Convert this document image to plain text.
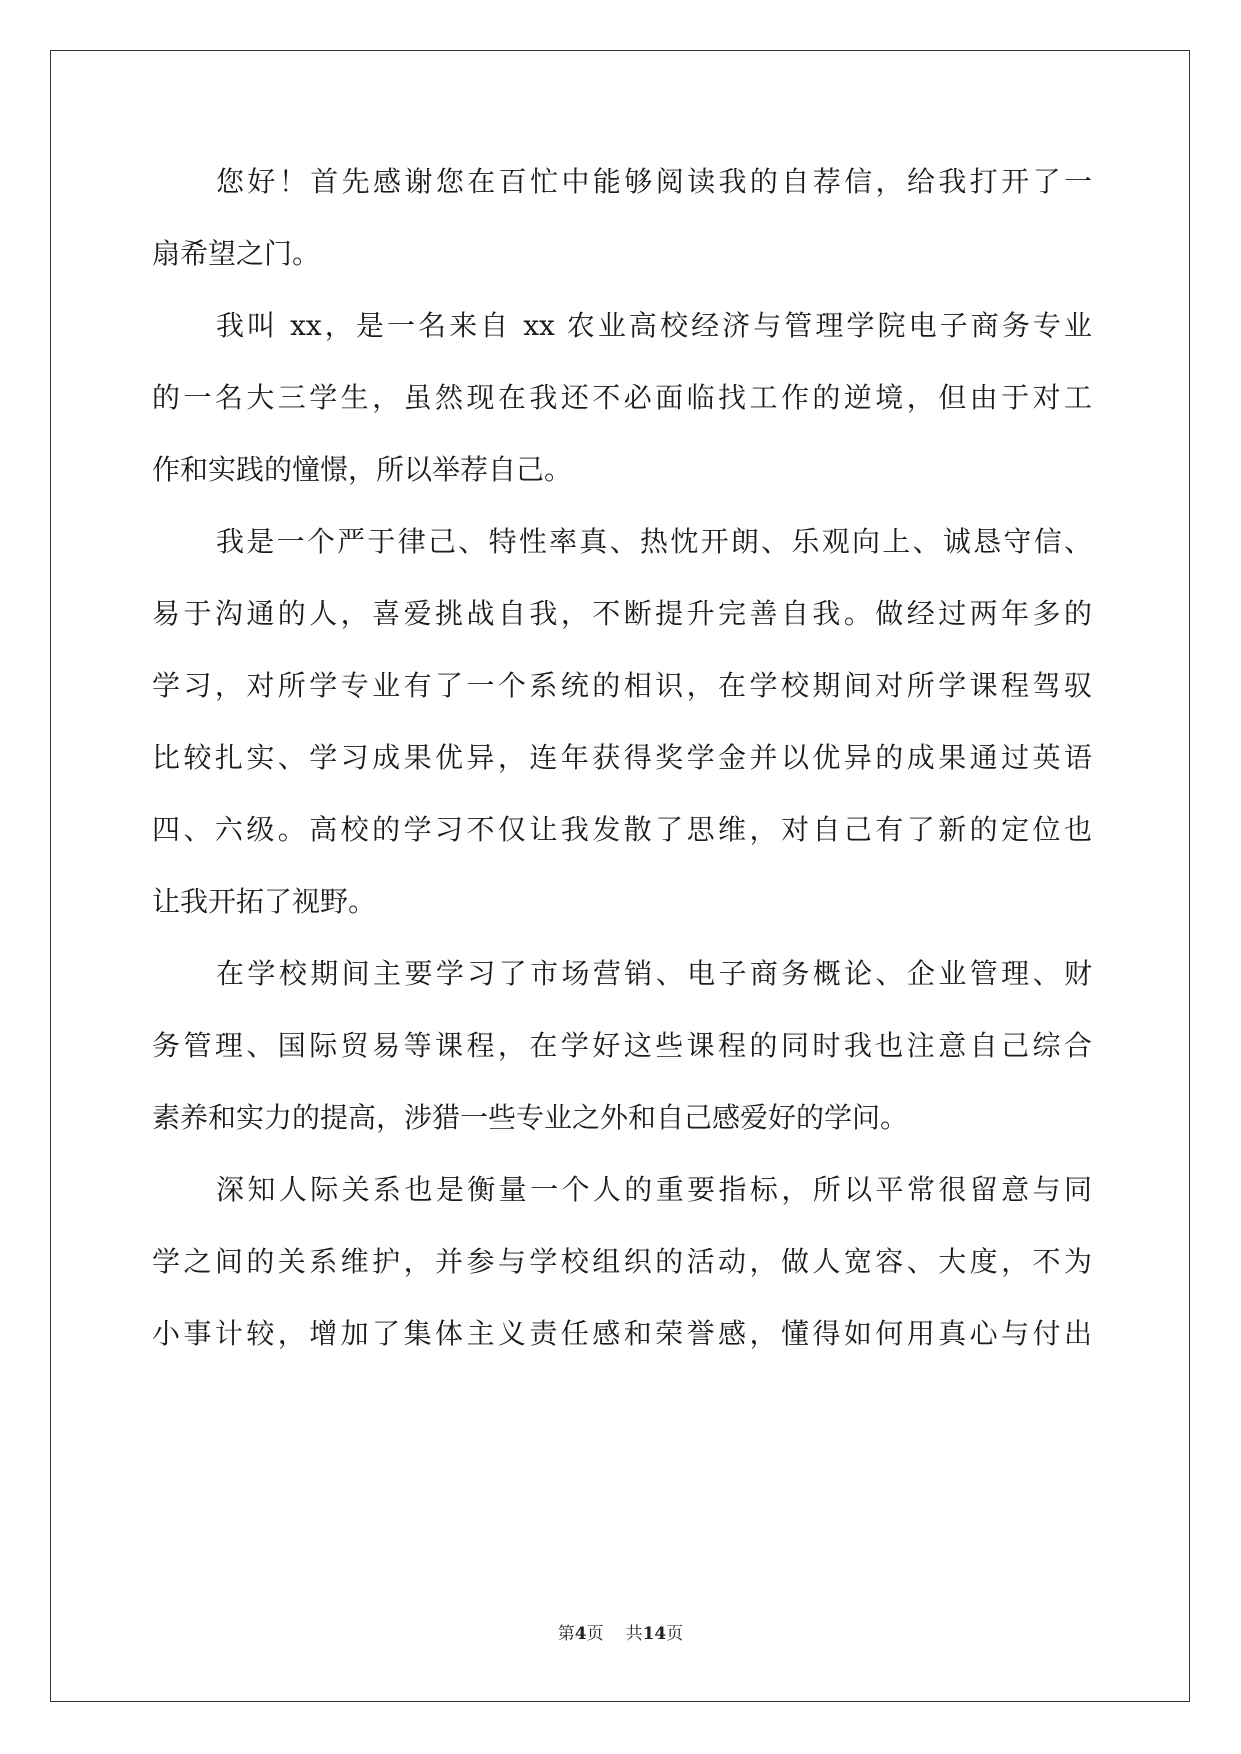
您好！首先感谢您在百忙中能够阅读我的自荐信，给我打开了一
扇希望之门。
我叫 xx，是一名来自 xx 农业高校经济与管理学院电子商务专业
的一名大三学生，虽然现在我还不必面临找工作的逆境，但由于对工
作和实践的憧憬，所以举荐自己。
我是一个严于律己、特性率真、热忱开朗、乐观向上、诚恳守信、
易于沟通的人，喜爱挑战自我，不断提升完善自我。做经过两年多的
学习，对所学专业有了一个系统的相识，在学校期间对所学课程驾驭
比较扎实、学习成果优异，连年获得奖学金并以优异的成果通过英语
四、六级。高校的学习不仅让我发散了思维，对自己有了新的定位也
让我开拓了视野。
在学校期间主要学习了市场营销、电子商务概论、企业管理、财
务管理、国际贸易等课程，在学好这些课程的同时我也注意自己综合
素养和实力的提高，涉猎一些专业之外和自己感爱好的学问。
深知人际关系也是衡量一个人的重要指标，所以平常很留意与同
学之间的关系维护，并参与学校组织的活动，做人宽容、大度，不为
小事计较，增加了集体主义责任感和荣誉感，懂得如何用真心与付出
第4页 共14页
